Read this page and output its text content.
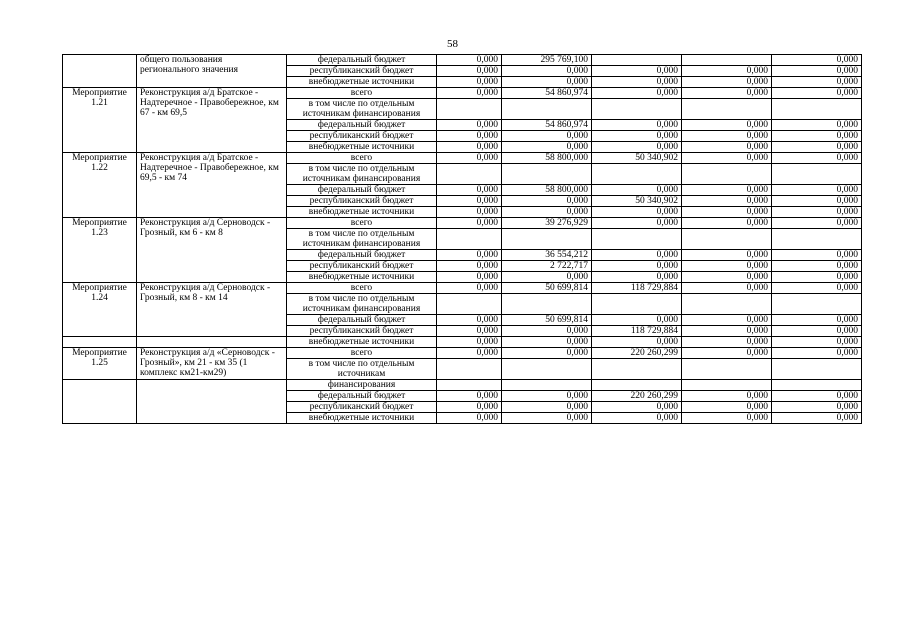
58
	общего пользования регионального значения	федеральный бюджет	0,000	295 769,100			0,000
		республиканский бюджет	0,000	0,000	0,000	0,000	0,000
		внебюджетные источники	0,000	0,000	0,000	0,000	0,000
Мероприятие 1.21	Реконструкция а/д Братское - Надтеречное - Правобережное, км 67 - км 69,5	всего	0,000	54 860,974	0,000	0,000	0,000
		в том числе по отдельным источникам финансирования					
		федеральный бюджет	0,000	54 860,974	0,000	0,000	0,000
		республиканский бюджет	0,000	0,000	0,000	0,000	0,000
		внебюджетные источники	0,000	0,000	0,000	0,000	0,000
Мероприятие 1.22	Реконструкция а/д Братское - Надтеречное - Правобережное, км 69,5 - км 74	всего	0,000	58 800,000	50 340,902	0,000	0,000
		в том числе по отдельным источникам финансирования					
		федеральный бюджет	0,000	58 800,000	0,000	0,000	0,000
		республиканский бюджет	0,000	0,000	50 340,902	0,000	0,000
		внебюджетные источники	0,000	0,000	0,000	0,000	0,000
Мероприятие 1.23	Реконструкция а/д Серноводск - Грозный, км 6 - км 8	всего	0,000	39 276,929	0,000	0,000	0,000
		в том числе по отдельным источникам финансирования					
		федеральный бюджет	0,000	36 554,212	0,000	0,000	0,000
		республиканский бюджет	0,000	2 722,717	0,000	0,000	0,000
		внебюджетные источники	0,000	0,000	0,000	0,000	0,000
Мероприятие 1.24	Реконструкция а/д Серноводск - Грозный, км 8 - км 14	всего	0,000	50 699,814	118 729,884	0,000	0,000
		в том числе по отдельным источникам финансирования					
		федеральный бюджет	0,000	50 699,814	0,000	0,000	0,000
		республиканский бюджет	0,000	0,000	118 729,884	0,000	0,000
		внебюджетные источники	0,000	0,000	0,000	0,000	0,000
Мероприятие 1.25	Реконструкция а/д «Серноводск - Грозный», км 21 - км 35 (1 комплекс км21-км29)	всего	0,000	0,000	220 260,299	0,000	0,000
		в том числе по отдельным источникам					
		финансирования					
		федеральный бюджет	0,000	0,000	220 260,299	0,000	0,000
		республиканский бюджет	0,000	0,000	0,000	0,000	0,000
		внебюджетные источники	0,000	0,000	0,000	0,000	0,000
